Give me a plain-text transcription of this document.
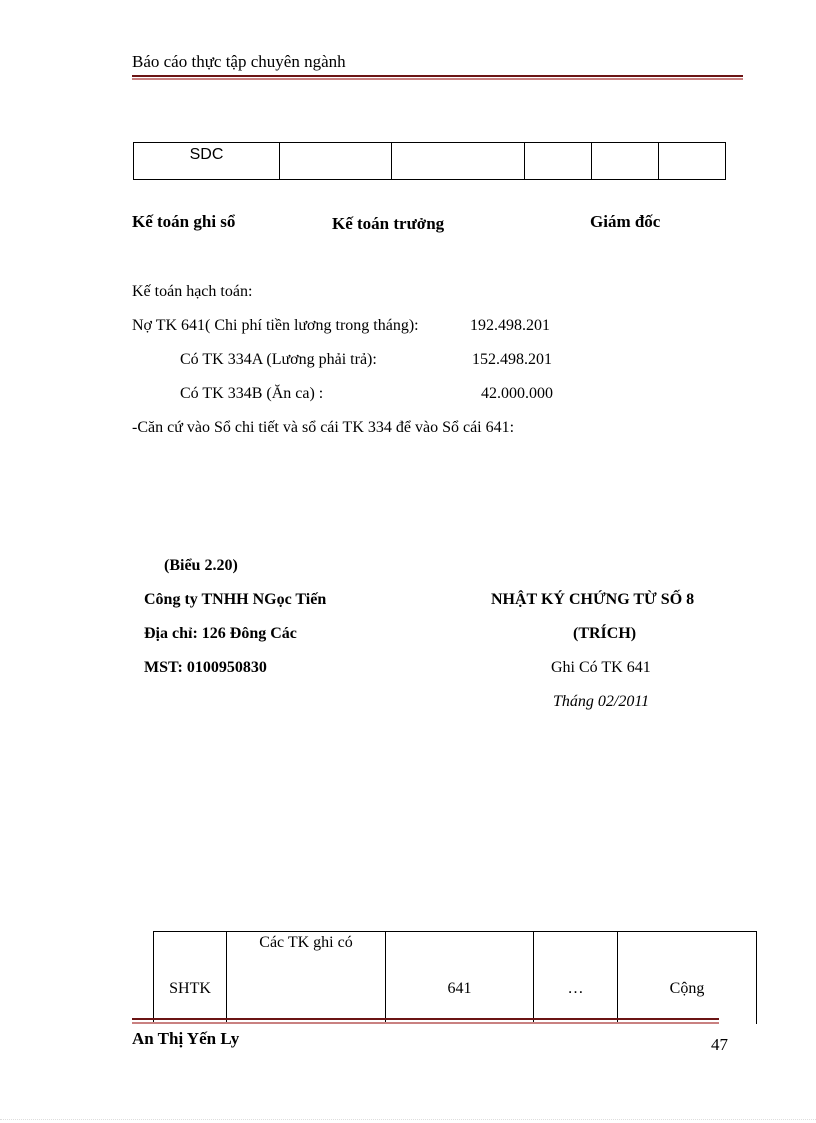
Báo cáo thực tập chuyên ngành
SDC					
Kế toán ghi sổ	Kế toán trưởng	Giám đốc
Kế toán hạch toán:
Nợ TK 641( Chi phí tiền lương trong tháng):	192.498.201
Có TK 334A (Lương phải trả):	152.498.201
Có TK 334B (Ăn ca) :	42.000.000
-Căn cứ vào Sổ chi tiết và sổ cái TK 334 để vào Sổ cái 641:
(Biểu 2.20)
Công ty TNHH NGọc Tiến
Địa chỉ: 126 Đông Các
MST: 0100950830
NHẬT KÝ CHỨNG TỪ SỐ 8
(TRÍCH)
Ghi Có TK 641
Tháng 02/2011
SHTK	Các TK ghi có	641	…	Cộng
An Thị Yến Ly	47
